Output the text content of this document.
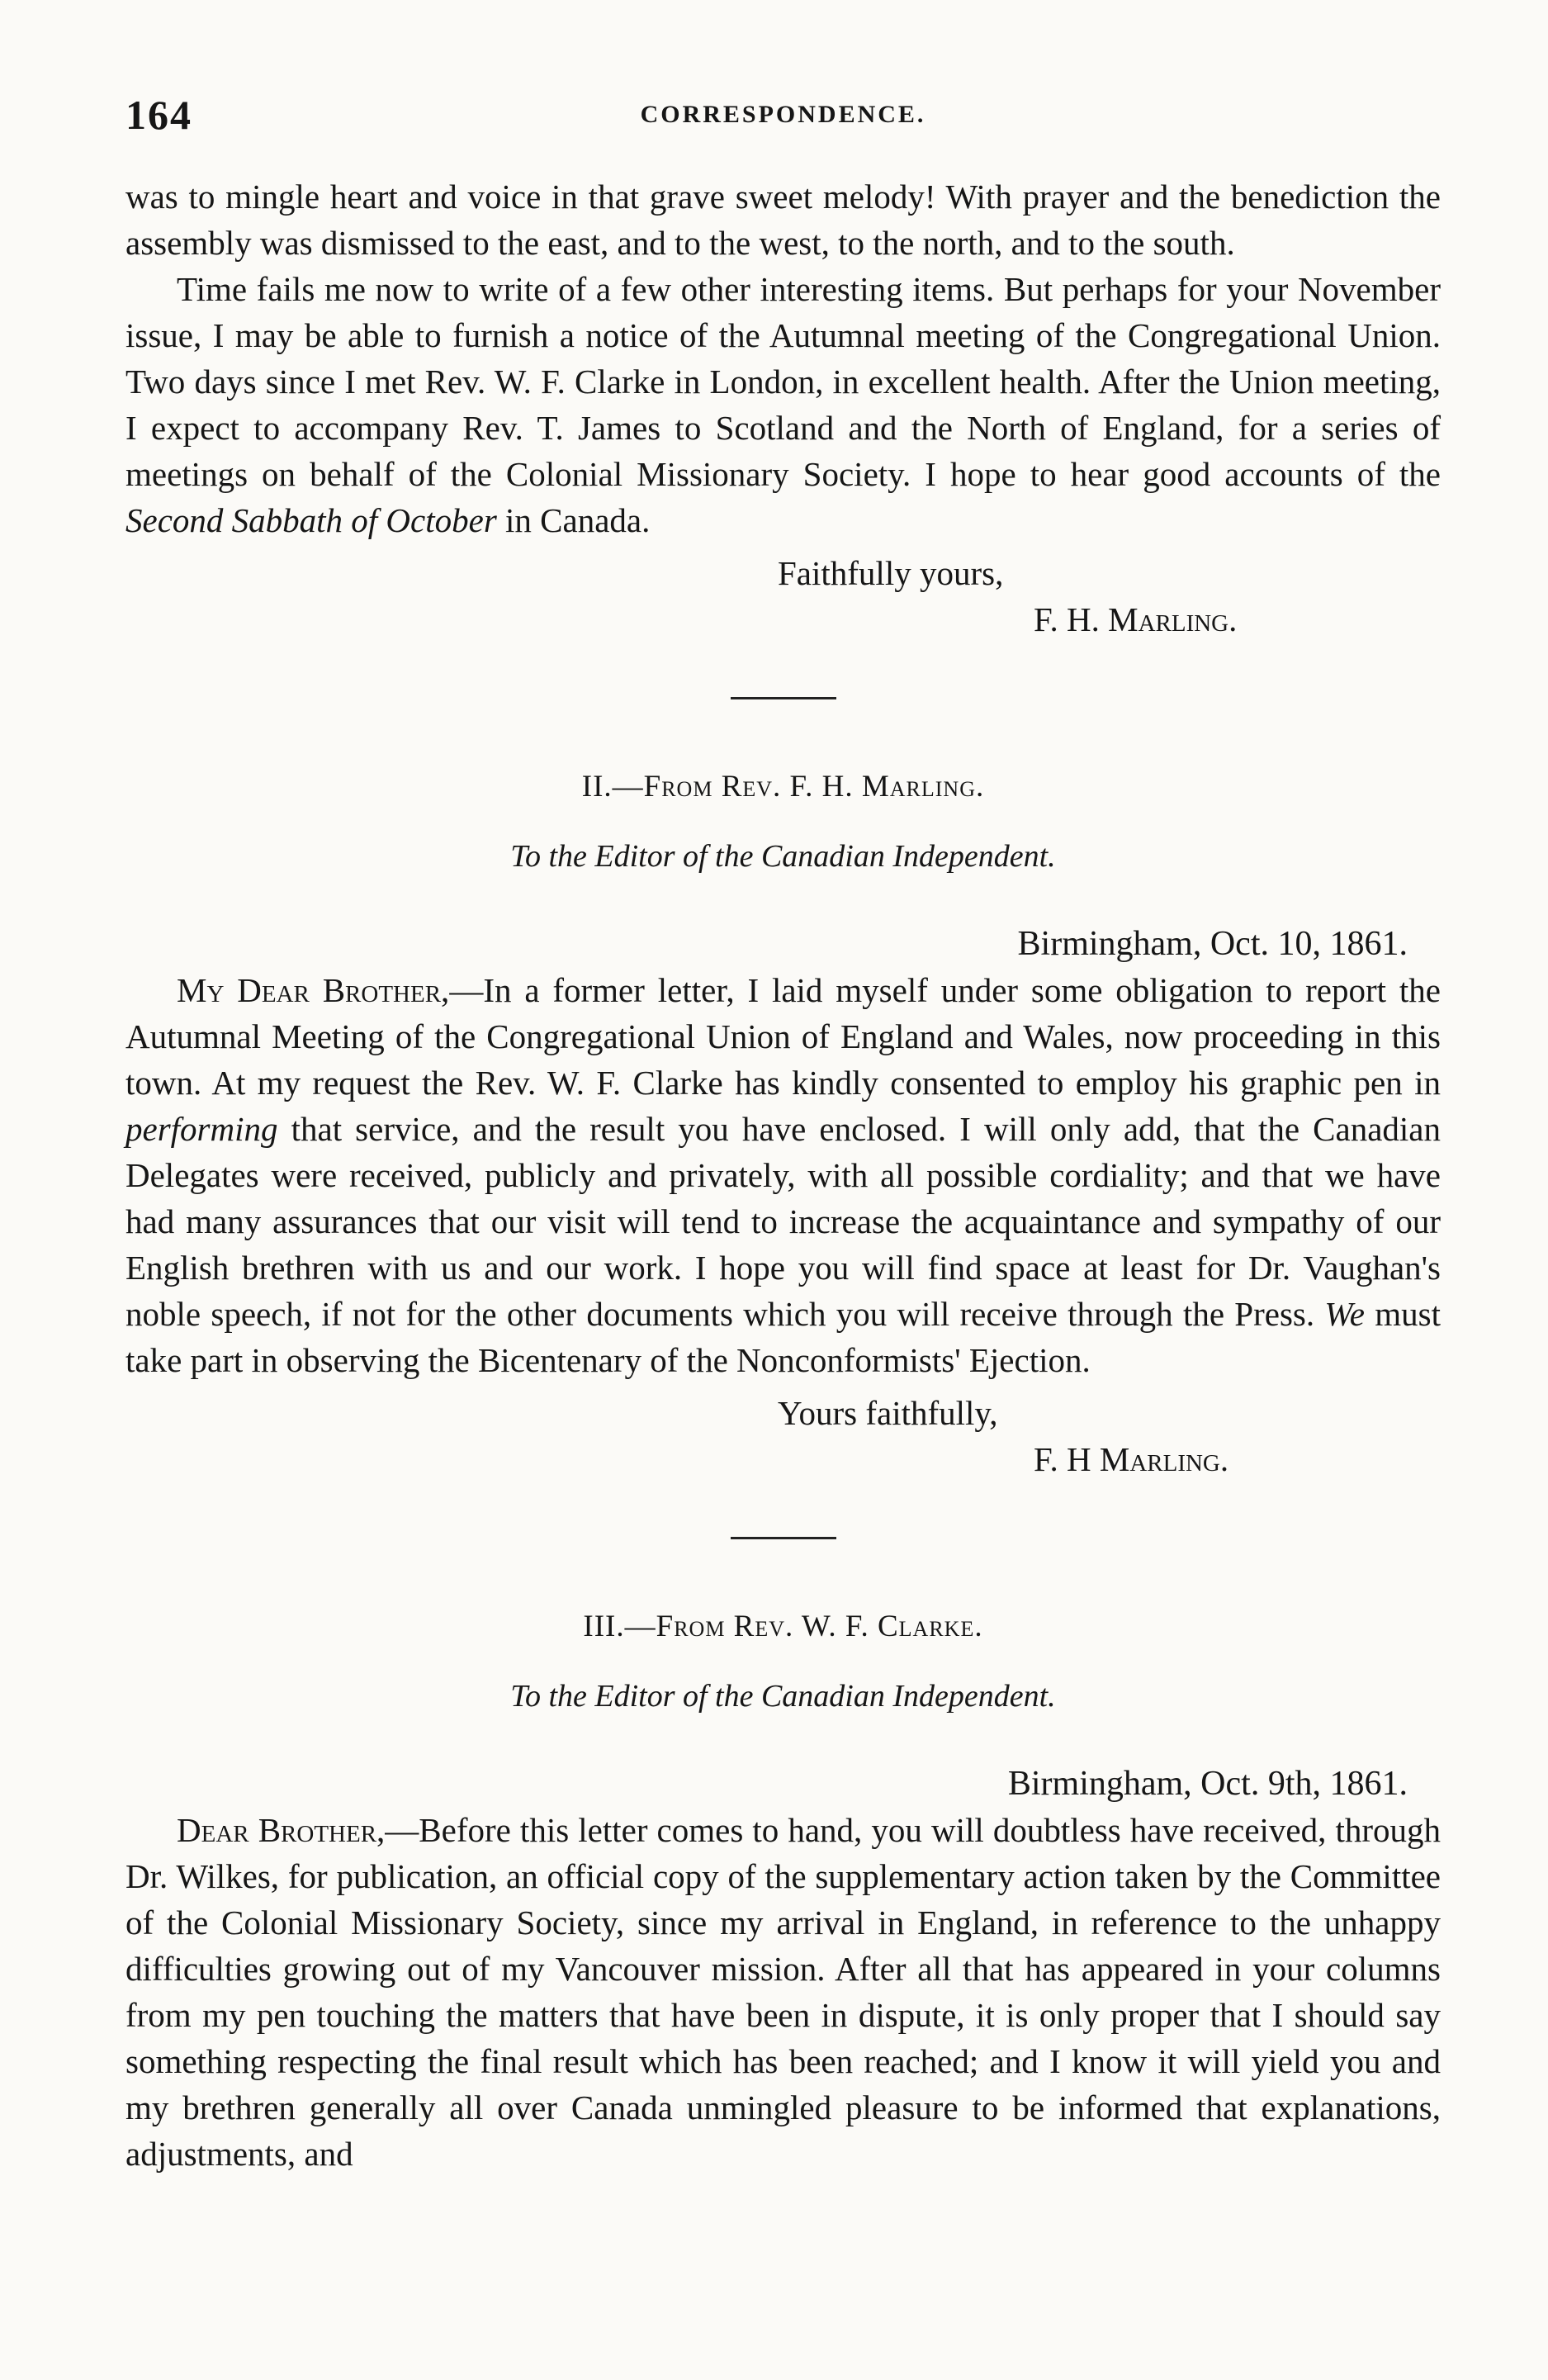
164	CORRESPONDENCE.

was to mingle heart and voice in that grave sweet melody! With prayer and the benediction the assembly was dismissed to the east, and to the west, to the north, and to the south.

Time fails me now to write of a few other interesting items. But perhaps for your November issue, I may be able to furnish a notice of the Autumnal meeting of the Congregational Union. Two days since I met Rev. W. F. Clarke in London, in excellent health. After the Union meeting, I expect to accompany Rev. T. James to Scotland and the North of England, for a series of meetings on behalf of the Colonial Missionary Society. I hope to hear good accounts of the Second Sabbath of October in Canada.

Faithfully yours,

F. H. Marling.

II.—From Rev. F. H. Marling.

To the Editor of the Canadian Independent.

Birmingham, Oct. 10, 1861.

My Dear Brother,—In a former letter, I laid myself under some obligation to report the Autumnal Meeting of the Congregational Union of England and Wales, now proceeding in this town. At my request the Rev. W. F. Clarke has kindly consented to employ his graphic pen in performing that service, and the result you have enclosed. I will only add, that the Canadian Delegates were received, publicly and privately, with all possible cordiality; and that we have had many assurances that our visit will tend to increase the acquaintance and sympathy of our English brethren with us and our work. I hope you will find space at least for Dr. Vaughan's noble speech, if not for the other documents which you will receive through the Press. We must take part in observing the Bicentenary of the Nonconformists' Ejection.

Yours faithfully,

F. H Marling.

III.—From Rev. W. F. Clarke.

To the Editor of the Canadian Independent.

Birmingham, Oct. 9th, 1861.

Dear Brother,—Before this letter comes to hand, you will doubtless have received, through Dr. Wilkes, for publication, an official copy of the supplementary action taken by the Committee of the Colonial Missionary Society, since my arrival in England, in reference to the unhappy difficulties growing out of my Vancouver mission. After all that has appeared in your columns from my pen touching the matters that have been in dispute, it is only proper that I should say something respecting the final result which has been reached; and I know it will yield you and my brethren generally all over Canada unmingled pleasure to be informed that explanations, adjustments, and
